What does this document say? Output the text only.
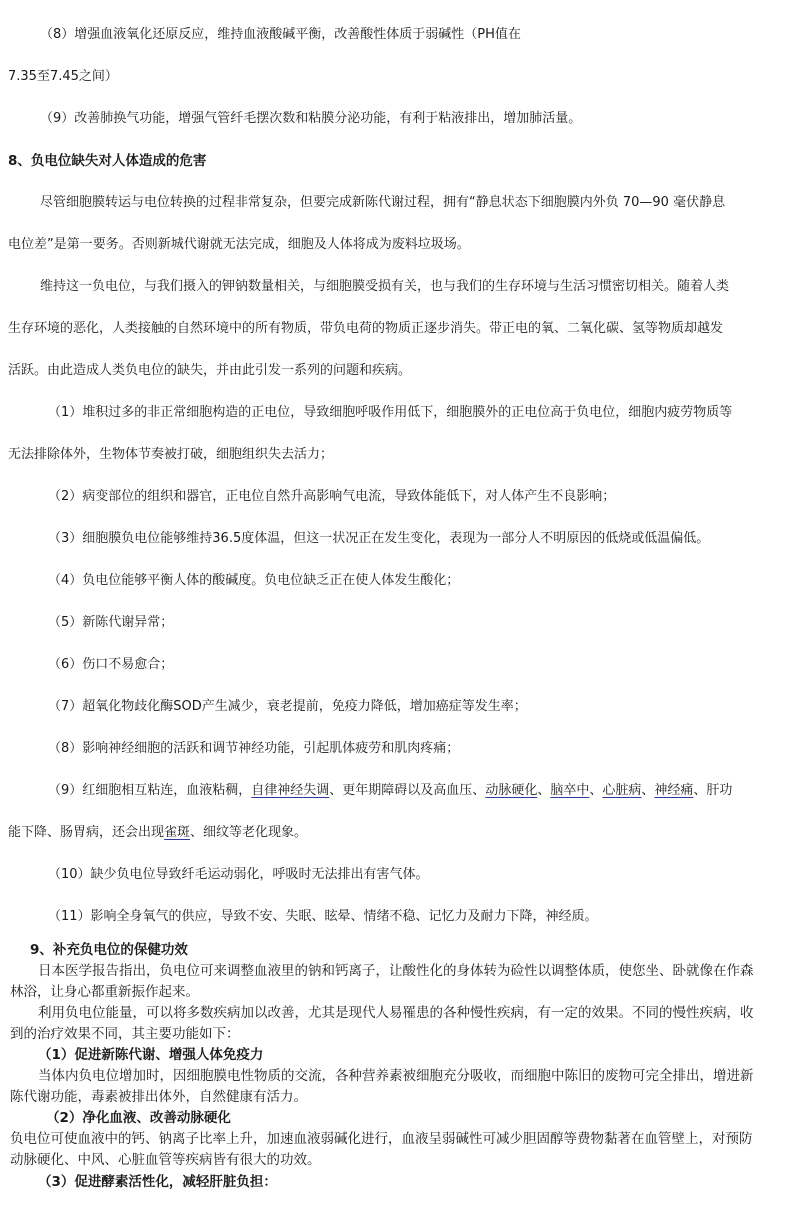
（8）增强血液氧化还原反应，维持血液酸碱平衡，改善酸性体质于弱碱性（PH值在
7.35至7.45之间）
（9）改善肺换气功能，增强气管纤毛摆次数和粘膜分泌功能，有利于粘液排出，增加肺活量。
8、负电位缺失对人体造成的危害
尽管细胞膜转运与电位转换的过程非常复杂，但要完成新陈代谢过程，拥有“静息状态下细胞膜内外负 70—90 毫伏静息
电位差”是第一要务。否则新城代谢就无法完成，细胞及人体将成为废料垃圾场。
维持这一负电位，与我们摄入的钾钠数量相关，与细胞膜受损有关，也与我们的生存环境与生活习惯密切相关。随着人类
生存环境的恶化，人类接触的自然环境中的所有物质，带负电荷的物质正逐步消失。带正电的氧、二氧化碳、氢等物质却越发
活跃。由此造成人类负电位的缺失，并由此引发一系列的问题和疾病。
（1）堆积过多的非正常细胞构造的正电位，导致细胞呼吸作用低下，细胞膜外的正电位高于负电位，细胞内疲劳物质等
无法排除体外，生物体节奏被打破，细胞组织失去活力；
（2）病变部位的组织和器官，正电位自然升高影响气电流，导致体能低下，对人体产生不良影响；
（3）细胞膜负电位能够维持36.5度体温，但这一状况正在发生变化，表现为一部分人不明原因的低烧或低温偏低。
（4）负电位能够平衡人体的酸碱度。负电位缺乏正在使人体发生酸化；
（5）新陈代谢异常；
（6）伤口不易愈合；
（7）超氧化物歧化酶SOD产生减少，衰老提前，免疫力降低，增加癌症等发生率；
（8）影响神经细胞的活跃和调节神经功能，引起肌体疲劳和肌肉疼痛；
（9）红细胞相互粘连，血液粘稠，自律神经失调、更年期障碍以及高血压、动脉硬化、脑卒中、心脏病、神经痛、肝功
能下降、肠胃病，还会出现雀斑、细纹等老化现象。
（10）缺少负电位导致纤毛运动弱化，呼吸时无法排出有害气体。
（11）影响全身氧气的供应，导致不安、失眠、眩晕、情绪不稳、记忆力及耐力下降，神经质。
9、补充负电位的保健功效
日本医学报告指出，负电位可来调整血液里的钠和钙离子，让酸性化的身体转为硷性以调整体质，使您坐、卧就像在作森
林浴，让身心都重新振作起来。
利用负电位能量，可以将多数疾病加以改善，尤其是现代人易罹患的各种慢性疾病，有一定的效果。不同的慢性疾病，收
到的治疗效果不同，其主要功能如下：
（1）促进新陈代谢、增强人体免疫力
当体内负电位增加时，因细胞膜电性物质的交流，各种营养素被细胞充分吸收，而细胞中陈旧的废物可完全排出，增进新
陈代谢功能，毒素被排出体外，自然健康有活力。
（2）净化血液、改善动脉硬化
负电位可使血液中的钙、钠离子比率上升，加速血液弱碱化进行，血液呈弱碱性可减少胆固醇等费物黏著在血管壁上，对预防
动脉硬化、中风、心脏血管等疾病皆有很大的功效。
（3）促进酵素活性化，减轻肝脏负担：
